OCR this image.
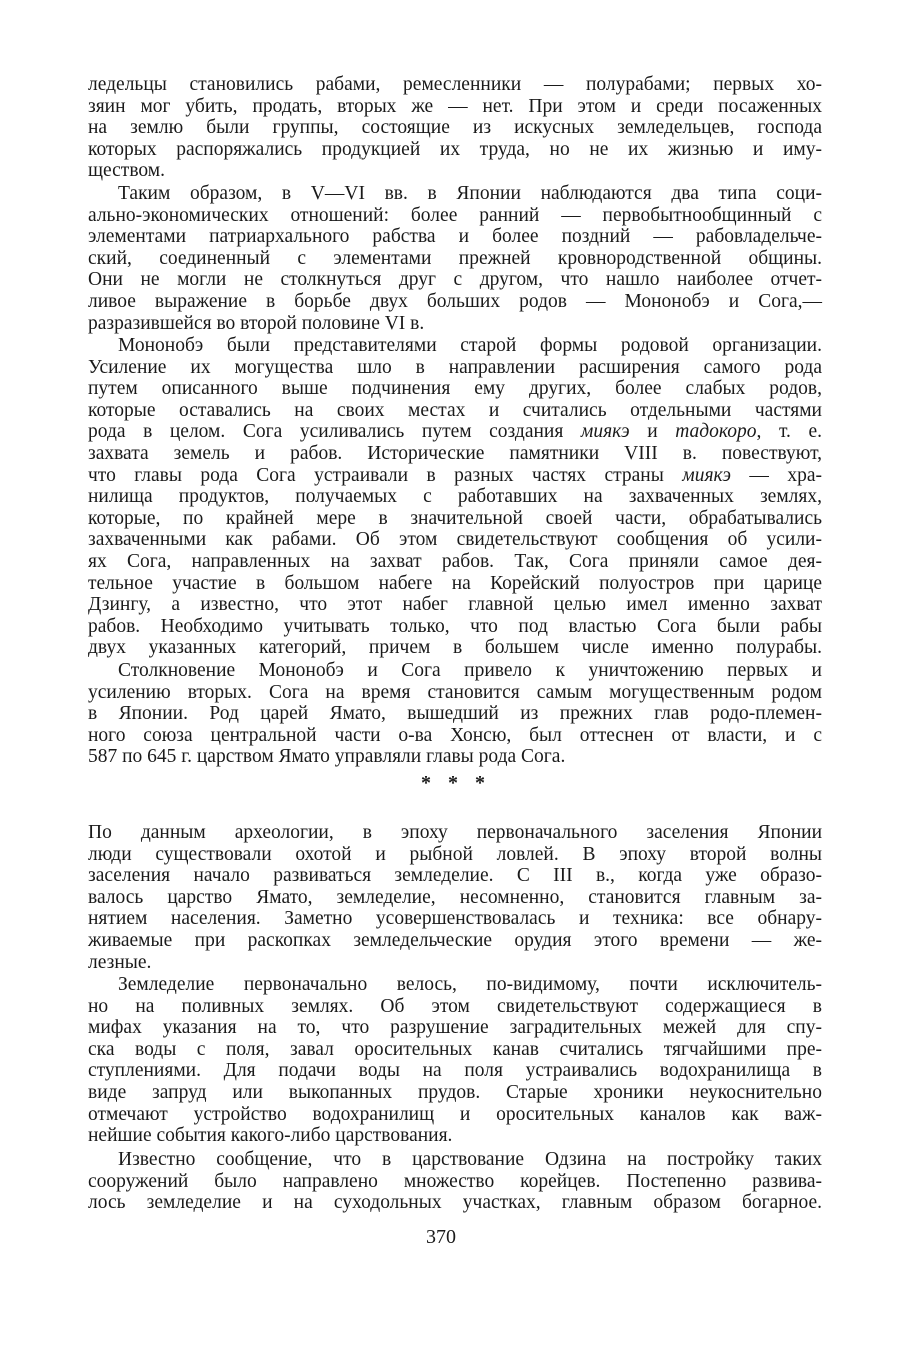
ледельцы становились рабами, ремесленники — полурабами; первых хо-
зяин мог убить, продать, вторых же — нет. При этом и среди посаженных
на землю были группы, состоящие из искусных земледельцев, господа
которых распоряжались продукцией их труда, но не их жизнью и иму-
ществом.
Таким образом, в V—VI вв. в Японии наблюдаются два типа соци-
ально-экономических отношений: более ранний — первобытнообщинный с
элементами патриархального рабства и более поздний — рабовладельче-
ский, соединенный с элементами прежней кровнородственной общины.
Они не могли не столкнуться друг с другом, что нашло наиболее отчет-
ливое выражение в борьбе двух больших родов — Мононобэ и Сога,—
разразившейся во второй половине VI в.
Мононобэ были представителями старой формы родовой организации.
Усиление их могущества шло в направлении расширения самого рода
путем описанного выше подчинения ему других, более слабых родов,
которые оставались на своих местах и считались отдельными частями
рода в целом. Сога усиливались путем создания миякэ и тадокоро, т. е.
захвата земель и рабов. Исторические памятники VIII в. повествуют,
что главы рода Сога устраивали в разных частях страны миякэ — хра-
нилища продуктов, получаемых с работавших на захваченных землях,
которые, по крайней мере в значительной своей части, обрабатывались
захваченными как рабами. Об этом свидетельствуют сообщения об усили-
ях Сога, направленных на захват рабов. Так, Сога приняли самое дея-
тельное участие в большом набеге на Корейский полуостров при царице
Дзингу, а известно, что этот набег главной целью имел именно захват
рабов. Необходимо учитывать только, что под властью Сога были рабы
двух указанных категорий, причем в большем числе именно полурабы.
Столкновение Мононобэ и Сога привело к уничтожению первых и
усилению вторых. Сога на время становится самым могущественным родом
в Японии. Род царей Ямато, вышедший из прежних глав родо-племен-
ного союза центральной части о-ва Хонсю, был оттеснен от власти, и с
587 по 645 г. царством Ямато управляли главы рода Сога.
* * *
По данным археологии, в эпоху первоначального заселения Японии
люди существовали охотой и рыбной ловлей. В эпоху второй волны
заселения начало развиваться земледелие. С III в., когда уже образо-
валось царство Ямато, земледелие, несомненно, становится главным за-
нятием населения. Заметно усовершенствовалась и техника: все обнару-
живаемые при раскопках земледельческие орудия этого времени — же-
лезные.
Земледелие первоначально велось, по-видимому, почти исключитель-
но на поливных землях. Об этом свидетельствуют содержащиеся в
мифах указания на то, что разрушение заградительных межей для спу-
ска воды с поля, завал оросительных канав считались тягчайшими пре-
ступлениями. Для подачи воды на поля устраивались водохранилища в
виде запруд или выкопанных прудов. Старые хроники неукоснительно
отмечают устройство водохранилищ и оросительных каналов как важ-
нейшие события какого-либо царствования.
Известно сообщение, что в царствование Одзина на постройку таких
сооружений было направлено множество корейцев. Постепенно развива-
лось земледелие и на суходольных участках, главным образом богарное.
370
